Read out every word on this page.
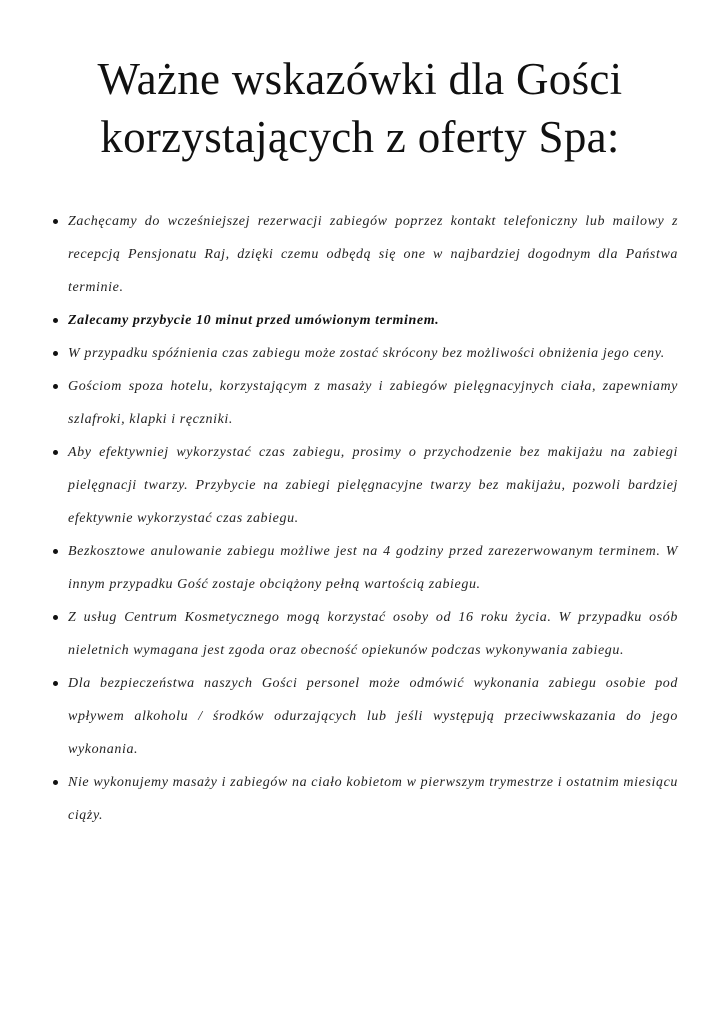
Ważne wskazówki dla Gości
korzystających z oferty Spa:
Zachęcamy do wcześniejszej rezerwacji zabiegów poprzez kontakt telefoniczny lub mailowy z recepcją Pensjonatu Raj, dzięki czemu odbędą się one w najbardziej dogodnym dla Państwa terminie.
Zalecamy przybycie 10 minut przed umówionym terminem.
W przypadku spóźnienia czas zabiegu może zostać skrócony bez możliwości obniżenia jego ceny.
Gościom spoza hotelu, korzystającym z masaży i zabiegów pielęgnacyjnych ciała, zapewniamy szlafroki, klapki i ręczniki.
Aby efektywniej wykorzystać czas zabiegu, prosimy o przychodzenie bez makijażu na zabiegi pielęgnacji twarzy. Przybycie na zabiegi pielęgnacyjne twarzy bez makijażu, pozwoli bardziej efektywnie wykorzystać czas zabiegu.
Bezkosztowe anulowanie zabiegu możliwe jest na 4 godziny przed zarezerwowanym terminem. W innym przypadku Gość zostaje obciążony pełną wartością zabiegu.
Z usług Centrum Kosmetycznego mogą korzystać osoby od 16 roku życia. W przypadku osób nieletnich wymagana jest zgoda oraz obecność opiekunów podczas wykonywania zabiegu.
Dla bezpieczeństwa naszych Gości personel może odmówić wykonania zabiegu osobie pod wpływem alkoholu / środków odurzających lub jeśli występują przeciwwskazania do jego wykonania.
Nie wykonujemy masaży i zabiegów na ciało kobietom w pierwszym trymestrze i ostatnim miesiącu ciąży.
